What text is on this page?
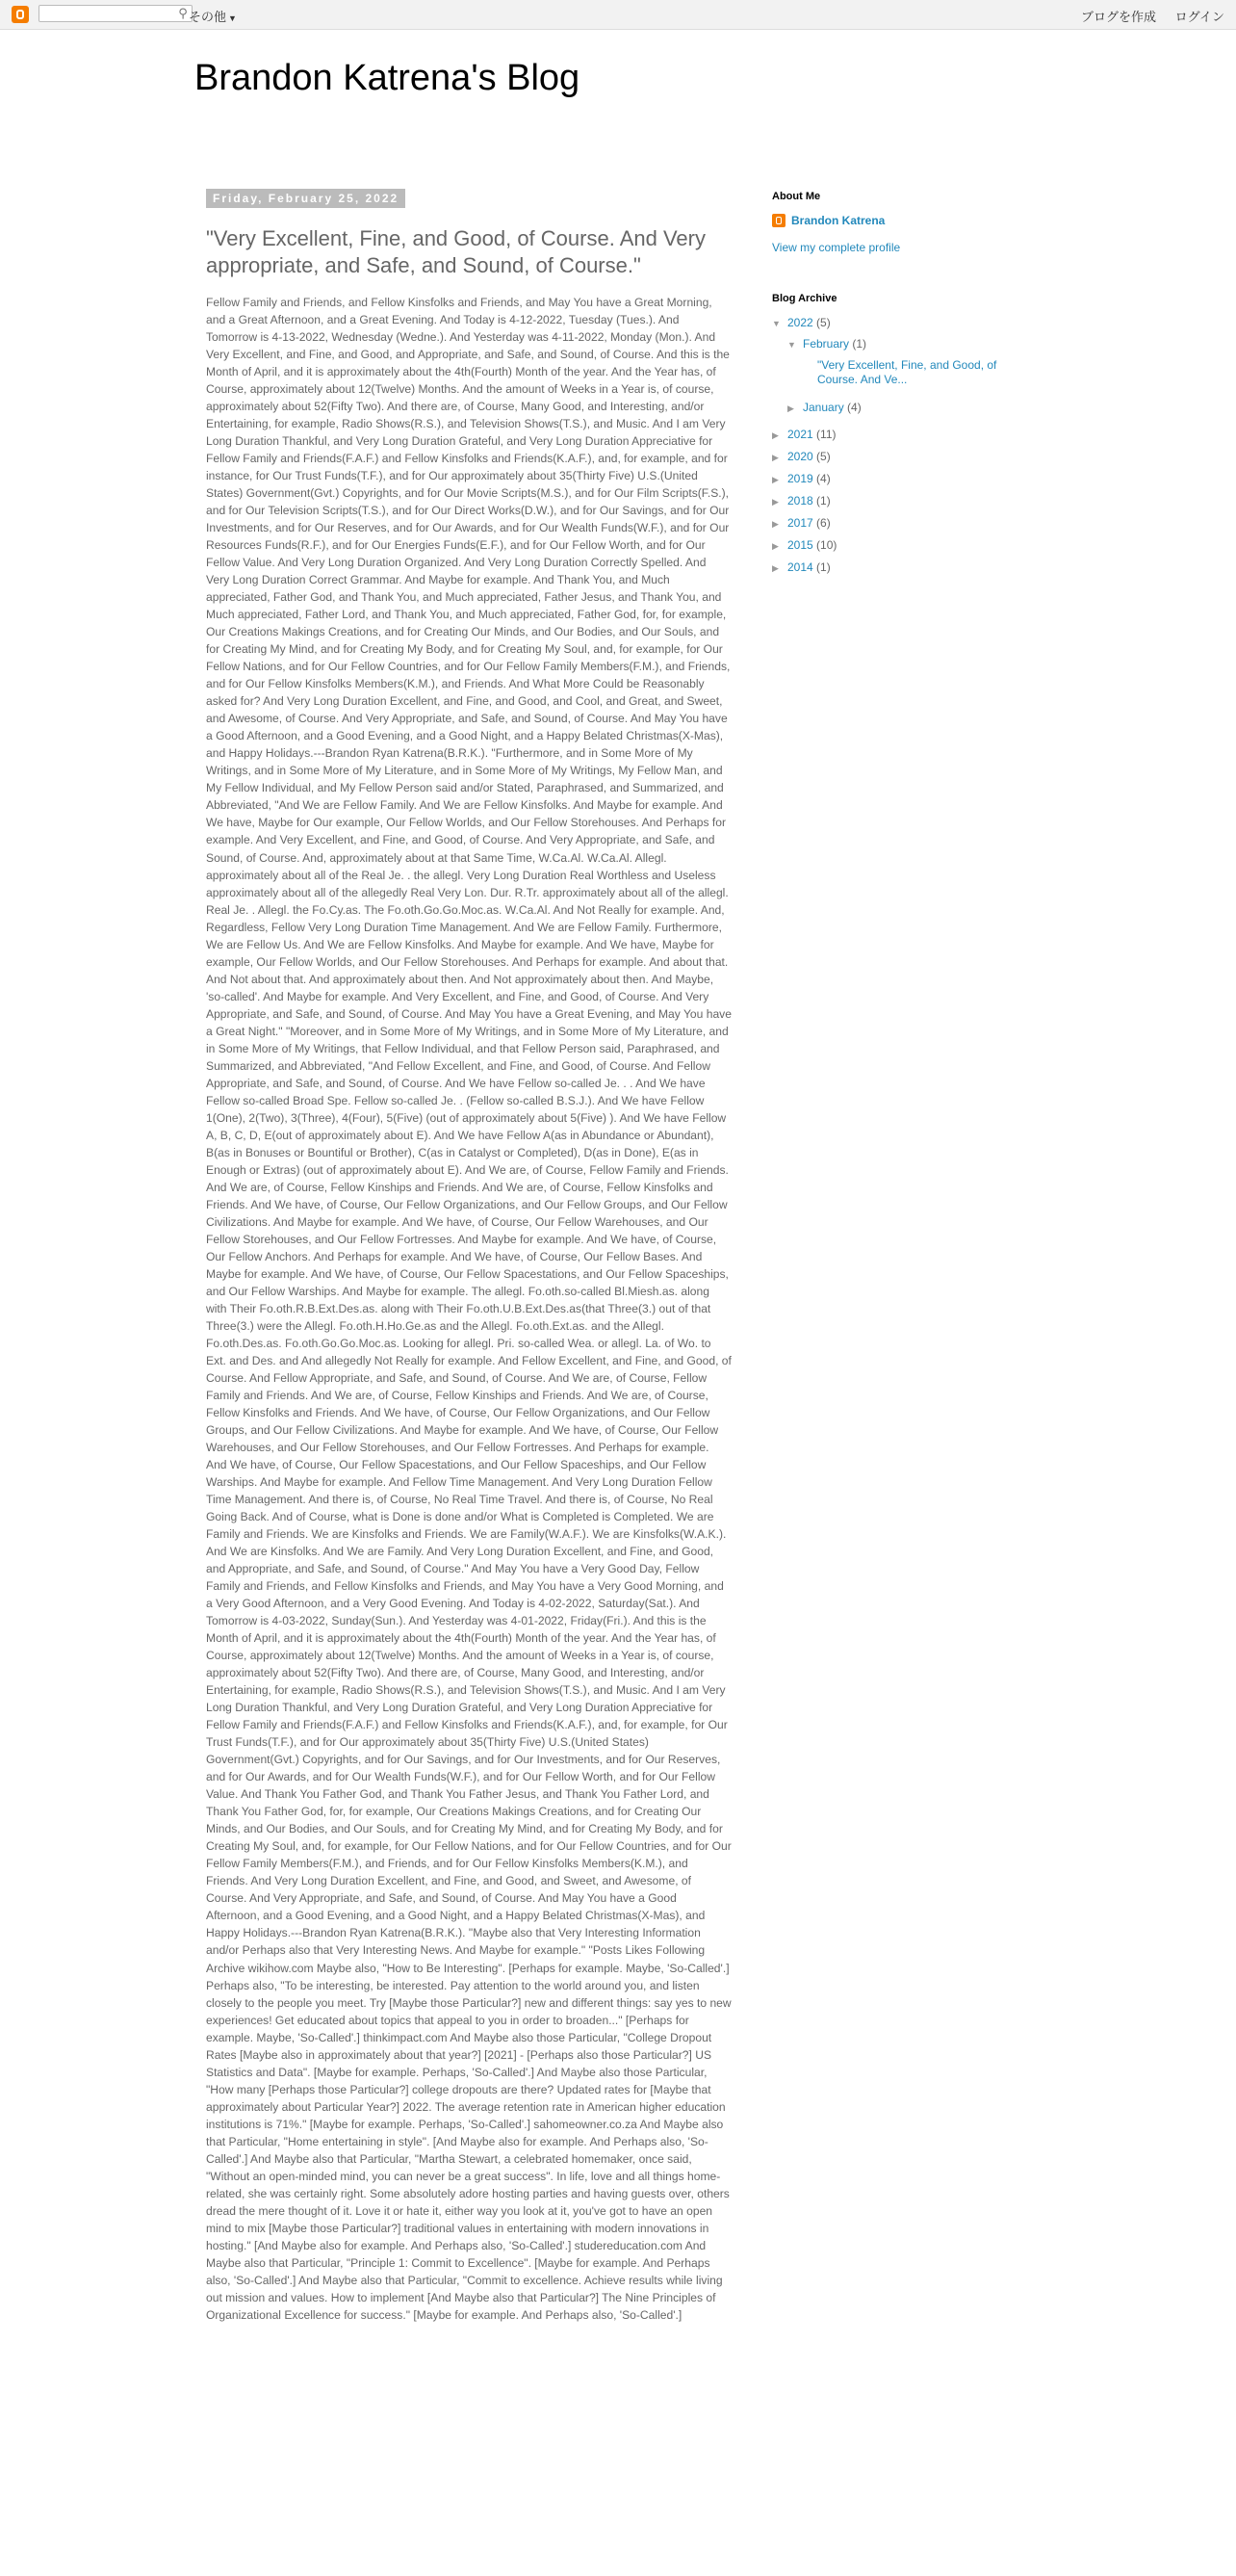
⚲ その他 ▼	ブログを作成 ログイン
Brandon Katrena's Blog
Friday, February 25, 2022
"Very Excellent, Fine, and Good, of Course. And Very appropriate, and Safe, and Sound, of Course."
Fellow Family and Friends, and Fellow Kinsfolks and Friends, and May You have a Great Morning, and a Great Afternoon, and a Great Evening. And Today is 4-12-2022, Tuesday (Tues.). And Tomorrow is 4-13-2022, Wednesday (Wedne.). And Yesterday was 4-11-2022, Monday (Mon.). And Very Excellent, and Fine, and Good, and Appropriate, and Safe, and Sound, of Course. And this is the Month of April, and it is approximately about the 4th(Fourth) Month of the year. And the Year has, of Course, approximately about 12(Twelve) Months. And the amount of Weeks in a Year is, of course, approximately about 52(Fifty Two). And there are, of Course, Many Good, and Interesting, and/or Entertaining, for example, Radio Shows(R.S.), and Television Shows(T.S.), and Music. And I am Very Long Duration Thankful, and Very Long Duration Grateful, and Very Long Duration Appreciative for Fellow Family and Friends(F.A.F.) and Fellow Kinsfolks and Friends(K.A.F.), and, for example, and for instance, for Our Trust Funds(T.F.), and for Our approximately about 35(Thirty Five) U.S.(United States) Government(Gvt.) Copyrights, and for Our Movie Scripts(M.S.), and for Our Film Scripts(F.S.), and for Our Television Scripts(T.S.), and for Our Direct Works(D.W.), and for Our Savings, and for Our Investments, and for Our Reserves, and for Our Awards, and for Our Wealth Funds(W.F.), and for Our Resources Funds(R.F.), and for Our Energies Funds(E.F.), and for Our Fellow Worth, and for Our Fellow Value. And Very Long Duration Organized. And Very Long Duration Correctly Spelled. And Very Long Duration Correct Grammar. And Maybe for example. And Thank You, and Much appreciated, Father God, and Thank You, and Much appreciated, Father Jesus, and Thank You, and Much appreciated, Father Lord, and Thank You, and Much appreciated, Father God, for, for example, Our Creations Makings Creations, and for Creating Our Minds, and Our Bodies, and Our Souls, and for Creating My Mind, and for Creating My Body, and for Creating My Soul, and, for example, for Our Fellow Nations, and for Our Fellow Countries, and for Our Fellow Family Members(F.M.), and Friends, and for Our Fellow Kinsfolks Members(K.M.), and Friends. And What More Could be Reasonably asked for? And Very Long Duration Excellent, and Fine, and Good, and Cool, and Great, and Sweet, and Awesome, of Course. And Very Appropriate, and Safe, and Sound, of Course. And May You have a Good Afternoon, and a Good Evening, and a Good Night, and a Happy Belated Christmas(X-Mas), and Happy Holidays.---Brandon Ryan Katrena(B.R.K.). "Furthermore, and in Some More of My Writings, and in Some More of My Literature, and in Some More of My Writings, My Fellow Man, and My Fellow Individual, and My Fellow Person said and/or Stated, Paraphrased, and Summarized, and Abbreviated, "And We are Fellow Family. And We are Fellow Kinsfolks. And Maybe for example. And We have, Maybe for Our example, Our Fellow Worlds, and Our Fellow Storehouses. And Perhaps for example. And Very Excellent, and Fine, and Good, of Course. And Very Appropriate, and Safe, and Sound, of Course. And, approximately about at that Same Time, W.Ca.Al. W.Ca.Al. Allegl. approximately about all of the Real Je. . the allegl. Very Long Duration Real Worthless and Useless approximately about all of the allegedly Real Very Lon. Dur. R.Tr. approximately about all of the allegl. Real Je. . Allegl. the Fo.Cy.as. The Fo.oth.Go.Go.Moc.as. W.Ca.Al. And Not Really for example. And, Regardless, Fellow Very Long Duration Time Management. And We are Fellow Family. Furthermore, We are Fellow Us. And We are Fellow Kinsfolks. And Maybe for example. And We have, Maybe for example, Our Fellow Worlds, and Our Fellow Storehouses. And Perhaps for example. And about that. And Not about that. And approximately about then. And Not approximately about then. And Maybe, 'so-called'. And Maybe for example. And Very Excellent, and Fine, and Good, of Course. And Very Appropriate, and Safe, and Sound, of Course. And May You have a Great Evening, and May You have a Great Night." "Moreover, and in Some More of My Writings, and in Some More of My Literature, and in Some More of My Writings, that Fellow Individual, and that Fellow Person said, Paraphrased, and Summarized, and Abbreviated, "And Fellow Excellent, and Fine, and Good, of Course. And Fellow Appropriate, and Safe, and Sound, of Course. And We have Fellow so-called Je. . . And We have Fellow so-called Broad Spe. Fellow so-called Je. . (Fellow so-called B.S.J.). And We have Fellow 1(One), 2(Two), 3(Three), 4(Four), 5(Five) (out of approximately about 5(Five) ). And We have Fellow A, B, C, D, E(out of approximately about E). And We have Fellow A(as in Abundance or Abundant), B(as in Bonuses or Bountiful or Brother), C(as in Catalyst or Completed), D(as in Done), E(as in Enough or Extras) (out of approximately about E). And We are, of Course, Fellow Family and Friends. And We are, of Course, Fellow Kinships and Friends. And We are, of Course, Fellow Kinsfolks and Friends. And We have, of Course, Our Fellow Organizations, and Our Fellow Groups, and Our Fellow Civilizations. And Maybe for example. And We have, of Course, Our Fellow Warehouses, and Our Fellow Storehouses, and Our Fellow Fortresses. And Maybe for example. And We have, of Course, Our Fellow Anchors. And Perhaps for example. And We have, of Course, Our Fellow Bases. And Maybe for example. And We have, of Course, Our Fellow Spacestations, and Our Fellow Spaceships, and Our Fellow Warships. And Maybe for example. The allegl. Fo.oth.so-called Bl.Miesh.as. along with Their Fo.oth.R.B.Ext.Des.as. along with Their Fo.oth.U.B.Ext.Des.as(that Three(3.) out of that Three(3.) were the Allegl. Fo.oth.H.Ho.Ge.as and the Allegl. Fo.oth.Ext.as. and the Allegl. Fo.oth.Des.as. Fo.oth.Go.Go.Moc.as. Looking for allegl. Pri. so-called Wea. or allegl. La. of Wo. to Ext. and Des. and And allegedly Not Really for example. And Fellow Excellent, and Fine, and Good, of Course. And Fellow Appropriate, and Safe, and Sound, of Course. And We are, of Course, Fellow Family and Friends. And We are, of Course, Fellow Kinships and Friends. And We are, of Course, Fellow Kinsfolks and Friends. And We have, of Course, Our Fellow Organizations, and Our Fellow Groups, and Our Fellow Civilizations. And Maybe for example. And We have, of Course, Our Fellow Warehouses, and Our Fellow Storehouses, and Our Fellow Fortresses. And Perhaps for example. And We have, of Course, Our Fellow Spacestations, and Our Fellow Spaceships, and Our Fellow Warships. And Maybe for example. And Fellow Time Management. And Very Long Duration Fellow Time Management. And there is, of Course, No Real Time Travel. And there is, of Course, No Real Going Back. And of Course, what is Done is done and/or What is Completed is Completed. We are Family and Friends. We are Kinsfolks and Friends. We are Family(W.A.F.). We are Kinsfolks(W.A.K.). And We are Kinsfolks. And We are Family. And Very Long Duration Excellent, and Fine, and Good, and Appropriate, and Safe, and Sound, of Course." And May You have a Very Good Day, Fellow Family and Friends, and Fellow Kinsfolks and Friends, and May You have a Very Good Morning, and a Very Good Afternoon, and a Very Good Evening. And Today is 4-02-2022, Saturday(Sat.). And Tomorrow is 4-03-2022, Sunday(Sun.). And Yesterday was 4-01-2022, Friday(Fri.). And this is the Month of April, and it is approximately about the 4th(Fourth) Month of the year. And the Year has, of Course, approximately about 12(Twelve) Months. And the amount of Weeks in a Year is, of course, approximately about 52(Fifty Two). And there are, of Course, Many Good, and Interesting, and/or Entertaining, for example, Radio Shows(R.S.), and Television Shows(T.S.), and Music. And I am Very Long Duration Thankful, and Very Long Duration Grateful, and Very Long Duration Appreciative for Fellow Family and Friends(F.A.F.) and Fellow Kinsfolks and Friends(K.A.F.), and, for example, for Our Trust Funds(T.F.), and for Our approximately about 35(Thirty Five) U.S.(United States) Government(Gvt.) Copyrights, and for Our Savings, and for Our Investments, and for Our Reserves, and for Our Awards, and for Our Wealth Funds(W.F.), and for Our Fellow Worth, and for Our Fellow Value. And Thank You Father God, and Thank You Father Jesus, and Thank You Father Lord, and Thank You Father God, for, for example, Our Creations Makings Creations, and for Creating Our Minds, and Our Bodies, and Our Souls, and for Creating My Mind, and for Creating My Body, and for Creating My Soul, and, for example, for Our Fellow Nations, and for Our Fellow Countries, and for Our Fellow Family Members(F.M.), and Friends, and for Our Fellow Kinsfolks Members(K.M.), and Friends. And Very Long Duration Excellent, and Fine, and Good, and Sweet, and Awesome, of Course. And Very Appropriate, and Safe, and Sound, of Course. And May You have a Good Afternoon, and a Good Evening, and a Good Night, and a Happy Belated Christmas(X-Mas), and Happy Holidays.---Brandon Ryan Katrena(B.R.K.). "Maybe also that Very Interesting Information and/or Perhaps also that Very Interesting News. And Maybe for example." "Posts Likes Following Archive wikihow.com Maybe also, "How to Be Interesting". [Perhaps for example. Maybe, 'So-Called'.] Perhaps also, "To be interesting, be interested. Pay attention to the world around you, and listen closely to the people you meet. Try [Maybe those Particular?] new and different things: say yes to new experiences! Get educated about topics that appeal to you in order to broaden..." [Perhaps for example. Maybe, 'So-Called'.] thinkimpact.com And Maybe also those Particular, "College Dropout Rates [Maybe also in approximately about that year?] [2021] - [Perhaps also those Particular?] US Statistics and Data". [Maybe for example. Perhaps, 'So-Called'.] And Maybe also those Particular, "How many [Perhaps those Particular?] college dropouts are there? Updated rates for [Maybe that approximately about Particular Year?] 2022. The average retention rate in American higher education institutions is 71%." [Maybe for example. Perhaps, 'So-Called'.] sahomeowner.co.za And Maybe also that Particular, "Home entertaining in style". [And Maybe also for example. And Perhaps also, 'So-Called'.] And Maybe also that Particular, "Martha Stewart, a celebrated homemaker, once said, "Without an open-minded mind, you can never be a great success". In life, love and all things home-related, she was certainly right. Some absolutely adore hosting parties and having guests over, others dread the mere thought of it. Love it or hate it, either way you look at it, you've got to have an open mind to mix [Maybe those Particular?] traditional values in entertaining with modern innovations in hosting." [And Maybe also for example. And Perhaps also, 'So-Called'.] studereducation.com And Maybe also that Particular, "Principle 1: Commit to Excellence". [Maybe for example. And Perhaps also, 'So-Called'.] And Maybe also that Particular, "Commit to excellence. Achieve results while living out mission and values. How to implement [And Maybe also that Particular?] The Nine Principles of Organizational Excellence for success." [Maybe for example. And Perhaps also, 'So-Called'.]
About Me
Brandon Katrena
View my complete profile
Blog Archive
▼ 2022 (5)
▼ February (1)
"Very Excellent, Fine, and Good, of Course. And Ve...
▶ January (4)
▶ 2021 (11)
▶ 2020 (5)
▶ 2019 (4)
▶ 2018 (1)
▶ 2017 (6)
▶ 2015 (10)
▶ 2014 (1)
